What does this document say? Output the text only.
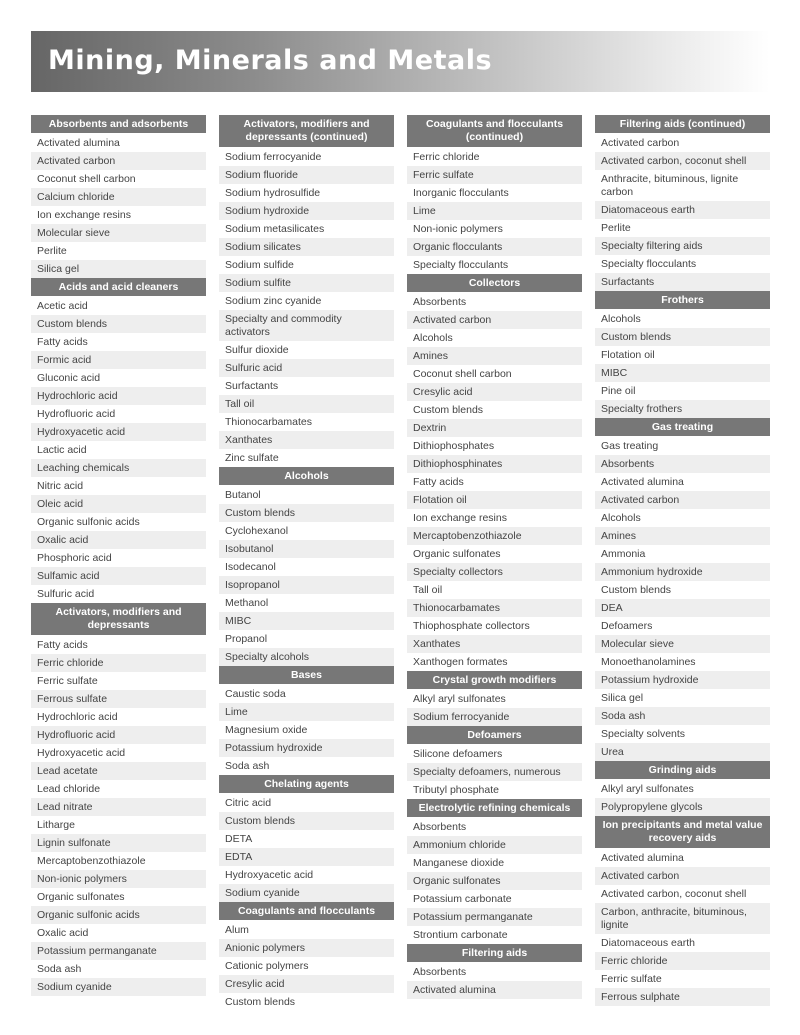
Mining, Minerals and Metals
Absorbents and adsorbents
Activated alumina
Activated carbon
Coconut shell carbon
Calcium chloride
Ion exchange resins
Molecular sieve
Perlite
Silica gel
Acids and acid cleaners
Acetic acid
Custom blends
Fatty acids
Formic acid
Gluconic acid
Hydrochloric acid
Hydrofluoric acid
Hydroxyacetic acid
Lactic acid
Leaching chemicals
Nitric acid
Oleic acid
Organic sulfonic acids
Oxalic acid
Phosphoric acid
Sulfamic acid
Sulfuric acid
Activators, modifiers and depressants
Fatty acids
Ferric chloride
Ferric sulfate
Ferrous sulfate
Hydrochloric acid
Hydrofluoric acid
Hydroxyacetic acid
Lead acetate
Lead chloride
Lead nitrate
Litharge
Lignin sulfonate
Mercaptobenzothiazole
Non-ionic polymers
Organic sulfonates
Organic sulfonic acids
Oxalic acid
Potassium permanganate
Soda ash
Sodium cyanide
Activators, modifiers and depressants (continued)
Sodium ferrocyanide
Sodium fluoride
Sodium hydrosulfide
Sodium hydroxide
Sodium metasilicates
Sodium silicates
Sodium sulfide
Sodium sulfite
Sodium zinc cyanide
Specialty and commodity activators
Sulfur dioxide
Sulfuric acid
Surfactants
Tall oil
Thionocarbamates
Xanthates
Zinc sulfate
Alcohols
Butanol
Custom blends
Cyclohexanol
Isobutanol
Isodecanol
Isopropanol
Methanol
MIBC
Propanol
Specialty alcohols
Bases
Caustic soda
Lime
Magnesium oxide
Potassium hydroxide
Soda ash
Chelating agents
Citric acid
Custom blends
DETA
EDTA
Hydroxyacetic acid
Sodium cyanide
Coagulants and flocculants
Alum
Anionic polymers
Cationic polymers
Cresylic acid
Custom blends
Coagulants and flocculants (continued)
Ferric chloride
Ferric sulfate
Inorganic flocculants
Lime
Non-ionic polymers
Organic flocculants
Specialty flocculants
Collectors
Absorbents
Activated carbon
Alcohols
Amines
Coconut shell carbon
Cresylic acid
Custom blends
Dextrin
Dithiophosphates
Dithiophosphinates
Fatty acids
Flotation oil
Ion exchange resins
Mercaptobenzothiazole
Organic sulfonates
Specialty collectors
Tall oil
Thionocarbamates
Thiophosphate collectors
Xanthates
Xanthogen formates
Crystal growth modifiers
Alkyl aryl sulfonates
Sodium ferrocyanide
Defoamers
Silicone defoamers
Specialty defoamers, numerous
Tributyl phosphate
Electrolytic refining chemicals
Absorbents
Ammonium chloride
Manganese dioxide
Organic sulfonates
Potassium carbonate
Potassium permanganate
Strontium carbonate
Filtering aids
Absorbents
Activated alumina
Filtering aids (continued)
Activated carbon
Activated carbon, coconut shell
Anthracite, bituminous, lignite carbon
Diatomaceous earth
Perlite
Specialty filtering aids
Specialty flocculants
Surfactants
Frothers
Alcohols
Custom blends
Flotation oil
MIBC
Pine oil
Specialty frothers
Gas treating
Gas treating
Absorbents
Activated alumina
Activated carbon
Alcohols
Amines
Ammonia
Ammonium hydroxide
Custom blends
DEA
Defoamers
Molecular sieve
Monoethanolamines
Potassium hydroxide
Silica gel
Soda ash
Specialty solvents
Urea
Grinding aids
Alkyl aryl sulfonates
Polypropylene glycols
Ion precipitants and metal value recovery aids
Activated alumina
Activated carbon
Activated carbon, coconut shell
Carbon, anthracite, bituminous, lignite
Diatomaceous earth
Ferric chloride
Ferric sulfate
Ferrous sulphate
